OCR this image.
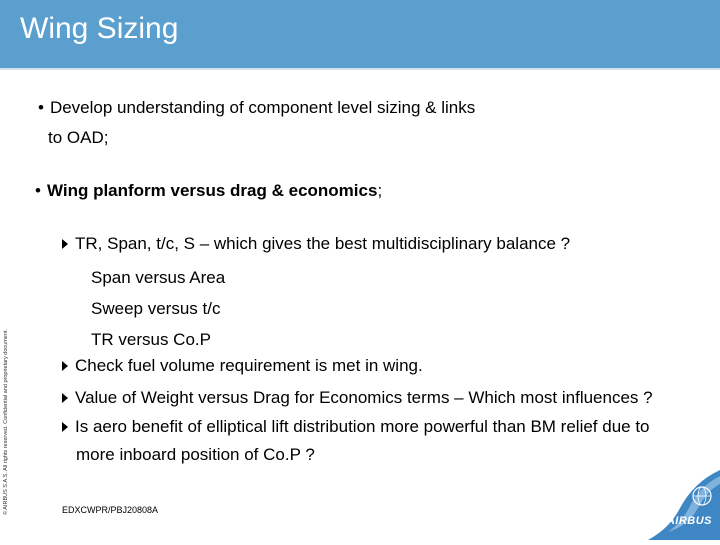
Wing Sizing
• Develop understanding of component level sizing & links
to OAD;
• Wing planform versus drag & economics;
TR, Span, t/c, S – which gives the best multidisciplinary balance ?
Span versus Area
Sweep versus t/c
TR versus Co.P
Check fuel volume requirement is met in wing.
Value of Weight versus Drag for Economics terms – Which most influences ?
Is aero benefit of elliptical lift distribution more powerful than BM relief due to
more inboard position of Co.P ?
© AIRBUS S.A.S. All rights reserved. Confidential and proprietary document.	EDXCWPR/PBJ20808A
AIRBUS
